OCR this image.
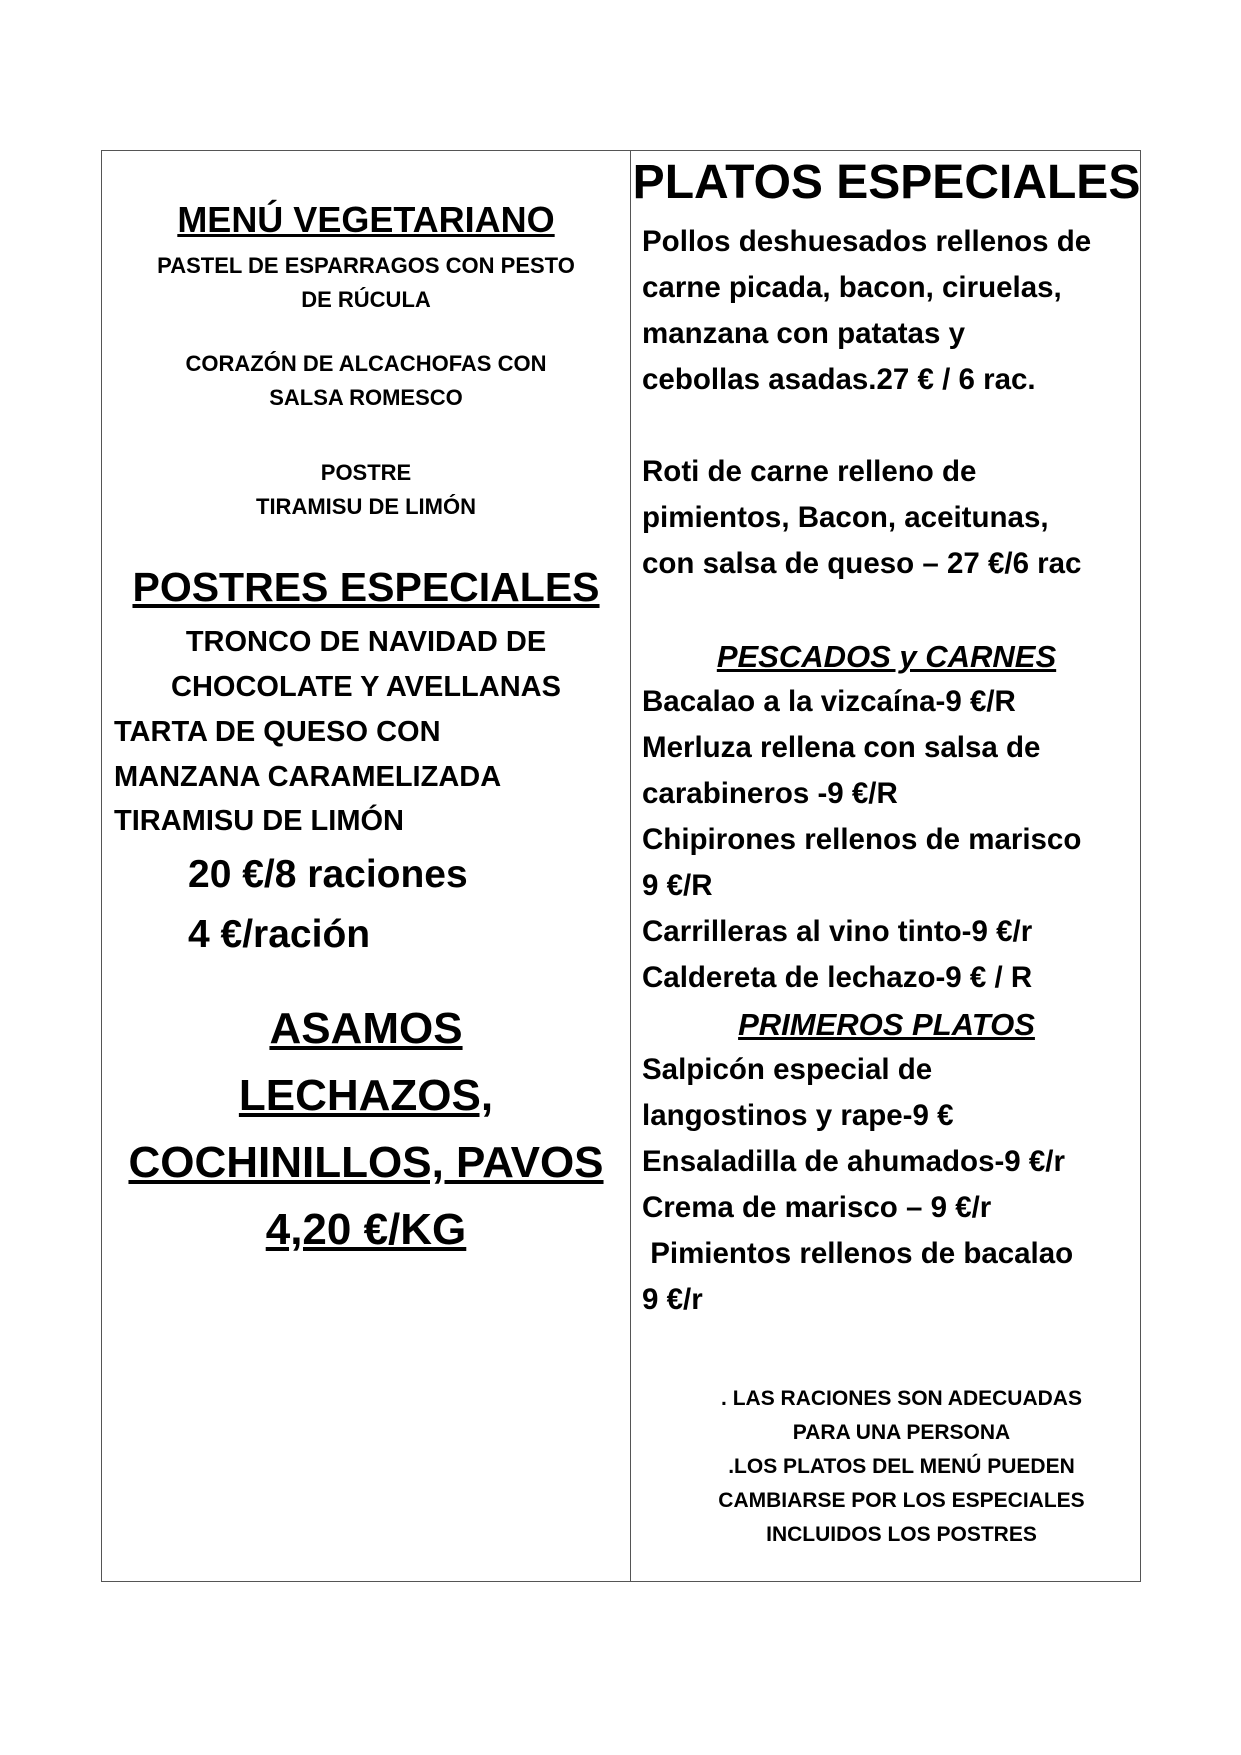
MENÚ VEGETARIANO
PASTEL DE ESPARRAGOS CON PESTO
DE RÚCULA
CORAZÓN DE ALCACHOFAS CON
SALSA ROMESCO
POSTRE
TIRAMISU DE LIMÓN
POSTRES ESPECIALES
TRONCO DE NAVIDAD DE
CHOCOLATE Y AVELLANAS
TARTA DE QUESO CON
MANZANA CARAMELIZADA
TIRAMISU DE LIMÓN
20 €/8 raciones
4 €/ración
ASAMOS
LECHAZOS,
COCHINILLOS, PAVOS
4,20 €/KG
PLATOS ESPECIALES
Pollos deshuesados rellenos de
carne picada, bacon, ciruelas,
manzana con patatas y
cebollas asadas.27 € / 6 rac.
Roti de carne relleno de
pimientos, Bacon, aceitunas,
con salsa de queso – 27 €/6 rac
PESCADOS y CARNES
Bacalao a la vizcaína-9 €/R
Merluza rellena con salsa de
carabineros -9 €/R
Chipirones rellenos de marisco
9 €/R
Carrilleras al vino tinto-9 €/r
Caldereta de lechazo-9 € / R
PRIMEROS PLATOS
Salpicón especial de
langostinos y rape-9 €
Ensaladilla de ahumados-9 €/r
Crema de marisco – 9 €/r
Pimientos rellenos de bacalao
9 €/r
. LAS RACIONES SON ADECUADAS
PARA UNA PERSONA
.LOS PLATOS DEL MENÚ PUEDEN
CAMBIARSE POR LOS ESPECIALES
INCLUIDOS LOS POSTRES
